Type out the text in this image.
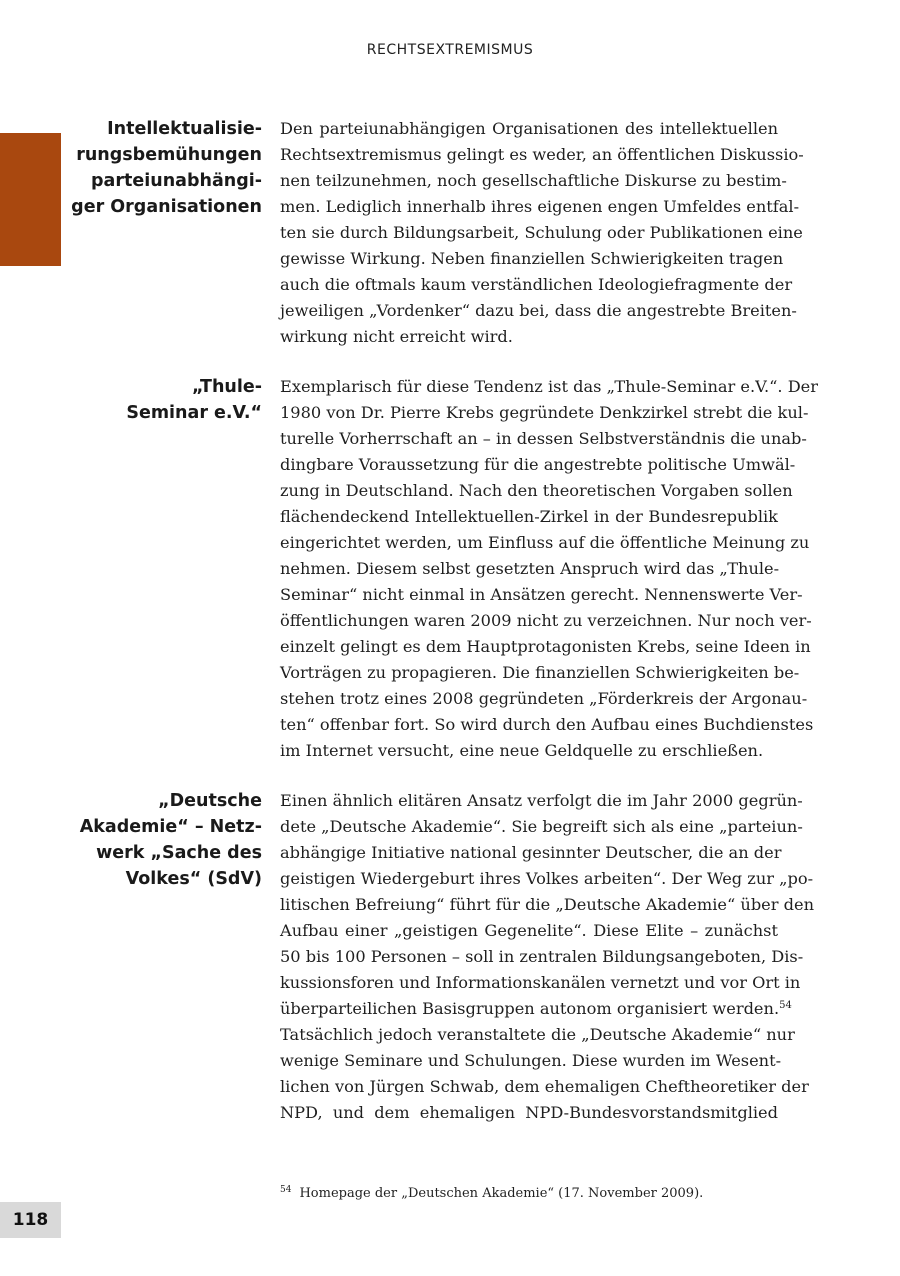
RECHTSEXTREMISMUS
Intellektualisie-
rungsbemühungen
parteiunabhängi-
ger Organisationen
Den parteiunabhängigen Organisationen des intellektuellen
Rechtsextremismus gelingt es weder, an öffentlichen Diskussio-
nen teilzunehmen, noch gesellschaftliche Diskurse zu bestim-
men. Lediglich innerhalb ihres eigenen engen Umfeldes entfal-
ten sie durch Bildungsarbeit, Schulung oder Publikationen eine
gewisse Wirkung. Neben finanziellen Schwierigkeiten tragen
auch die oftmals kaum verständlichen Ideologiefragmente der
jeweiligen „Vordenker“ dazu bei, dass die angestrebte Breiten-
wirkung nicht erreicht wird.
„Thule-
Seminar e.V.“
Exemplarisch für diese Tendenz ist das „Thule-Seminar e.V.“. Der
1980 von Dr. Pierre Krebs gegründete Denkzirkel strebt die kul-
turelle Vorherrschaft an – in dessen Selbstverständnis die unab-
dingbare Voraussetzung für die angestrebte politische Umwäl-
zung in Deutschland. Nach den theoretischen Vorgaben sollen
flächendeckend Intellektuellen-Zirkel in der Bundesrepublik
eingerichtet werden, um Einfluss auf die öffentliche Meinung zu
nehmen. Diesem selbst gesetzten Anspruch wird das „Thule-
Seminar“ nicht einmal in Ansätzen gerecht. Nennenswerte Ver-
öffentlichungen waren 2009 nicht zu verzeichnen. Nur noch ver-
einzelt gelingt es dem Hauptprotagonisten Krebs, seine Ideen in
Vorträgen zu propagieren. Die finanziellen Schwierigkeiten be-
stehen trotz eines 2008 gegründeten „Förderkreis der Argonau-
ten“ offenbar fort. So wird durch den Aufbau eines Buchdienstes
im Internet versucht, eine neue Geldquelle zu erschließen.
„Deutsche
Akademie“ – Netz-
werk „Sache des
Volkes“ (SdV)
Einen ähnlich elitären Ansatz verfolgt die im Jahr 2000 gegrün-
dete „Deutsche Akademie“. Sie begreift sich als eine „parteiun-
abhängige Initiative national gesinnter Deutscher, die an der
geistigen Wiedergeburt ihres Volkes arbeiten“. Der Weg zur „po-
litischen Befreiung“ führt für die „Deutsche Akademie“ über den
Aufbau einer „geistigen Gegenelite“. Diese Elite – zunächst
50 bis 100 Personen – soll in zentralen Bildungsangeboten, Dis-
kussionsforen und Informationskanälen vernetzt und vor Ort in
überparteilichen Basisgruppen autonom organisiert werden.$^{54}$
Tatsächlich jedoch veranstaltete die „Deutsche Akademie“ nur
wenige Seminare und Schulungen. Diese wurden im Wesent-
lichen von Jürgen Schwab, dem ehemaligen Cheftheoretiker der
NPD, und dem ehemaligen NPD-Bundesvorstandsmitglied
$^{54}$ Homepage der „Deutschen Akademie“ (17. November 2009).
118
